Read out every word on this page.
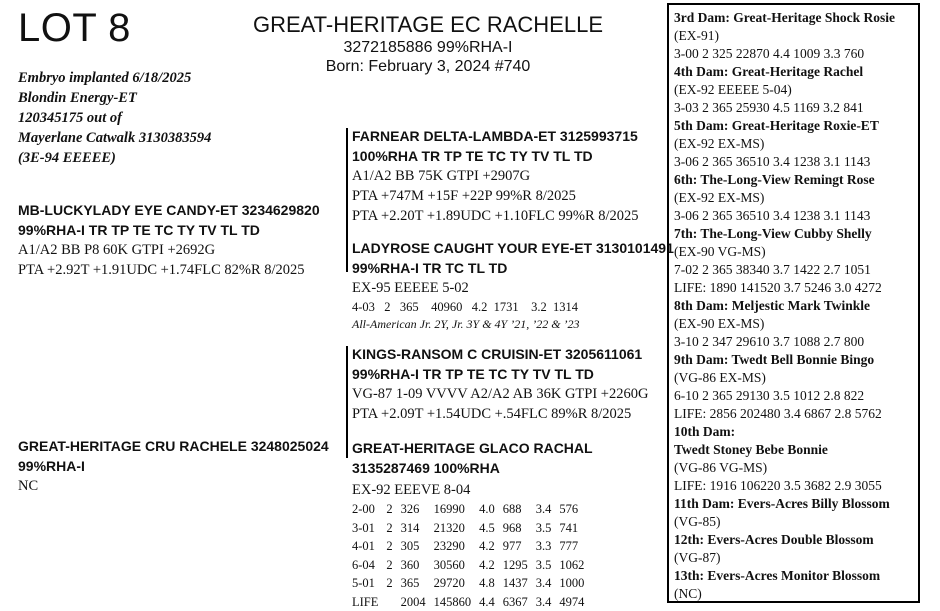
LOT 8	GREAT-HERITAGE EC RACHELLE
3272185886 99%RHA-I
Born: February 3, 2024 #740
Embryo implanted 6/18/2025
Blondin Energy-ET
120345175 out of
Mayerlane Catwalk 3130383594
(3E-94 EEEEE)
MB-LUCKYLADY EYE CANDY-ET 3234629820
99%RHA-I TR TP TE TC TY TV TL TD
A1/A2 BB P8 60K GTPI +2692G
PTA +2.92T +1.91UDC +1.74FLC 82%R 8/2025
GREAT-HERITAGE CRU RACHELE 3248025024
99%RHA-I
NC
FARNEAR DELTA-LAMBDA-ET 3125993715
100%RHA TR TP TE TC TY TV TL TD
A1/A2 BB 75K GTPI +2907G
PTA +747M +15F +22P 99%R 8/2025
PTA +2.20T +1.89UDC +1.10FLC 99%R 8/2025
LADYROSE CAUGHT YOUR EYE-ET 3130101491
99%RHA-I TR TC TL TD
EX-95 EEEEE 5-02
4-03   2   365    40960   4.2  1731    3.2  1314
All-American Jr. 2Y, Jr. 3Y & 4Y ’21, ’22 & ’23
KINGS-RANSOM C CRUISIN-ET 3205611061
99%RHA-I TR TP TE TC TY TV TL TD
VG-87 1-09 VVVV A2/A2 AB 36K GTPI +2260G
PTA +2.09T +1.54UDC +.54FLC 89%R 8/2025
GREAT-HERITAGE GLACO RACHAL
3135287469 100%RHA
EX-92 EEEVE 8-04
2-00	2	326	16990	4.0	688	3.4	576
3-01	2	314	21320	4.5	968	3.5	741
4-01	2	305	23290	4.2	977	3.3	777
6-04	2	360	30560	4.2	1295	3.5	1062
5-01	2	365	29720	4.8	1437	3.4	1000
LIFE		2004	145860	4.4	6367	3.4	4974
3rd Dam: Great-Heritage Shock Rosie
(EX-91)
3-00 2 325 22870 4.4 1009 3.3 760
4th Dam: Great-Heritage Rachel
(EX-92 EEEEE 5-04)
3-03 2 365 25930 4.5 1169 3.2 841
5th Dam: Great-Heritage Roxie-ET
(EX-92 EX-MS)
3-06 2 365 36510 3.4 1238 3.1 1143
6th: The-Long-View Remingt Rose
(EX-92 EX-MS)
3-06 2 365 36510 3.4 1238 3.1 1143
7th: The-Long-View Cubby Shelly
(EX-90 VG-MS)
7-02 2 365 38340 3.7 1422 2.7 1051
LIFE: 1890 141520 3.7 5246 3.0 4272
8th Dam: Meljestic Mark Twinkle
(EX-90 EX-MS)
3-10 2 347 29610 3.7 1088 2.7 800
9th Dam: Twedt Bell Bonnie Bingo
(VG-86 EX-MS)
6-10 2 365 29130 3.5 1012 2.8 822
LIFE: 2856 202480 3.4 6867 2.8 5762
10th Dam:
Twedt Stoney Bebe Bonnie
(VG-86 VG-MS)
LIFE: 1916 106220 3.5 3682 2.9 3055
11th Dam: Evers-Acres Billy Blossom
(VG-85)
12th: Evers-Acres Double Blossom
(VG-87)
13th: Evers-Acres Monitor Blossom
(NC)
